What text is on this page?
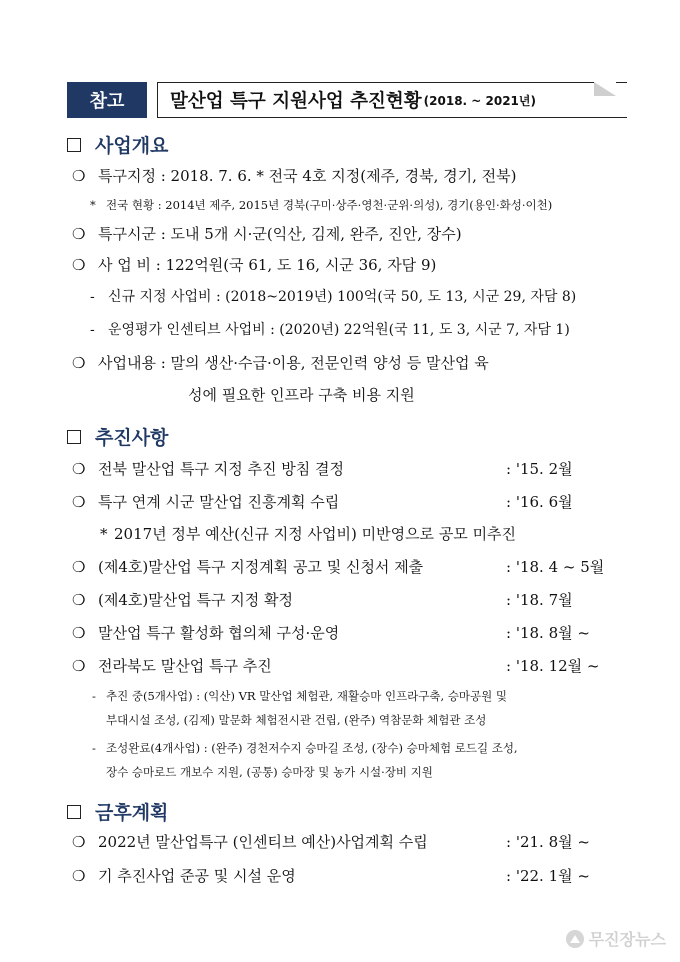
참고	말산업 특구 지원사업 추진현황 (2018. ~ 2021년)
사업개요
❍ 특구지정 : 2018. 7. 6. * 전국 4호 지정(제주, 경북, 경기, 전북)
* 전국 현황 : 2014년 제주, 2015년 경북(구미·상주·영천·군위·의성), 경기(용인·화성·이천)
❍ 특구시군 : 도내 5개 시·군(익산, 김제, 완주, 진안, 장수)
❍ 사 업 비 : 122억원(국 61, 도 16, 시군 36, 자담 9)
- 신규 지정 사업비 : (2018~2019년) 100억(국 50, 도 13, 시군 29, 자담 8)
- 운영평가 인센티브 사업비 : (2020년) 22억원(국 11, 도 3, 시군 7, 자담 1)
❍ 사업내용 : 말의 생산·수급·이용, 전문인력 양성 등 말산업 육
성에 필요한 인프라 구축 비용 지원
추진사항
❍ 전북 말산업 특구 지정 추진 방침 결정	: '15. 2월
❍ 특구 연계 시군 말산업 진흥계획 수립	: '16. 6월
* 2017년 정부 예산(신규 지정 사업비) 미반영으로 공모 미추진
❍ (제4호)말산업 특구 지정계획 공고 및 신청서 제출	: '18. 4 ~ 5월
❍ (제4호)말산업 특구 지정 확정	: '18. 7월
❍ 말산업 특구 활성화 협의체 구성·운영	: '18. 8월 ~
❍ 전라북도 말산업 특구 추진	: '18. 12월 ~
- 추진 중(5개사업) : (익산) VR 말산업 체험관, 재활승마 인프라구축, 승마공원 및
부대시설 조성, (김제) 말문화 체험전시관 건립, (완주) 역참문화 체험관 조성
- 조성완료(4개사업) : (완주) 경천저수지 승마길 조성, (장수) 승마체험 로드길 조성,
장수 승마로드 개보수 지원, (공통) 승마장 및 농가 시설·장비 지원
금후계획
❍ 2022년 말산업특구 (인센티브 예산)사업계획 수립	: '21. 8월 ~
❍ 기 추진사업 준공 및 시설 운영	: '22. 1월 ~
무진장뉴스
